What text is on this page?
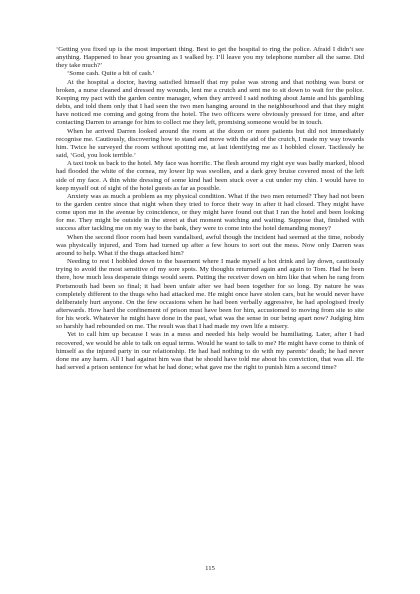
‘Getting you fixed up is the most important thing. Best to get the hospital to ring the police. Afraid I didn’t see anything. Happened to hear you groaning as I walked by. I’ll leave you my telephone number all the same. Did they take much?’

‘Some cash. Quite a bit of cash.’

At the hospital a doctor, having satisfied himself that my pulse was strong and that nothing was burst or broken, a nurse cleaned and dressed my wounds, lent me a crutch and sent me to sit down to wait for the police. Keeping my pact with the garden centre manager, when they arrived I said nothing about Jamie and his gambling debts, and told them only that I had seen the two men hanging around in the neighbourhood and that they might have noticed me coming and going from the hotel. The two officers were obviously pressed for time, and after contacting Darren to arrange for him to collect me they left, promising someone would be in touch.

When he arrived Darren looked around the room at the dozen or more patients but did not immediately recognise me. Cautiously, discovering how to stand and move with the aid of the crutch, I made my way towards him. Twice he surveyed the room without spotting me, at last identifying me as I hobbled closer. Tactlessly he said, ‘God, you look terrible.’

A taxi took us back to the hotel. My face was horrific. The flesh around my right eye was badly marked, blood had flooded the white of the cornea, my lower lip was swollen, and a dark grey bruise covered most of the left side of my face. A thin white dressing of some kind had been stuck over a cut under my chin. I would have to keep myself out of sight of the hotel guests as far as possible.

Anxiety was as much a problem as my physical condition. What if the two men returned? They had not been to the garden centre since that night when they tried to force their way in after it had closed. They might have come upon me in the avenue by coincidence, or they might have found out that I ran the hotel and been looking for me. They might be outside in the street at that moment watching and waiting. Suppose that, finished with success after tackling me on my way to the bank, they were to come into the hotel demanding money?

When the second floor room had been vandalised, awful though the incident had seemed at the time, nobody was physically injured, and Tom had turned up after a few hours to sort out the mess. Now only Darren was around to help. What if the thugs attacked him?

Needing to rest I hobbled down to the basement where I made myself a hot drink and lay down, cautiously trying to avoid the most sensitive of my sore spots. My thoughts returned again and again to Tom. Had he been there, how much less desperate things would seem. Putting the receiver down on him like that when he rang from Portsmouth had been so final; it had been unfair after we had been together for so long. By nature he was completely different to the thugs who had attacked me. He might once have stolen cars, but he would never have deliberately hurt anyone. On the few occasions when he had been verbally aggressive, he had apologised freely afterwards. How hard the confinement of prison must have been for him, accustomed to moving from site to site for his work. Whatever he might have done in the past, what was the sense in our being apart now? Judging him so harshly had rebounded on me. The result was that I had made my own life a misery.

Yet to call him up because I was in a mess and needed his help would be humiliating. Later, after I had recovered, we would be able to talk on equal terms. Would he want to talk to me? He might have come to think of himself as the injured party in our relationship. He had had nothing to do with my parents’ death; he had never done me any harm. All I had against him was that he should have told me about his conviction, that was all. He had served a prison sentence for what he had done; what gave me the right to punish him a second time?

115
